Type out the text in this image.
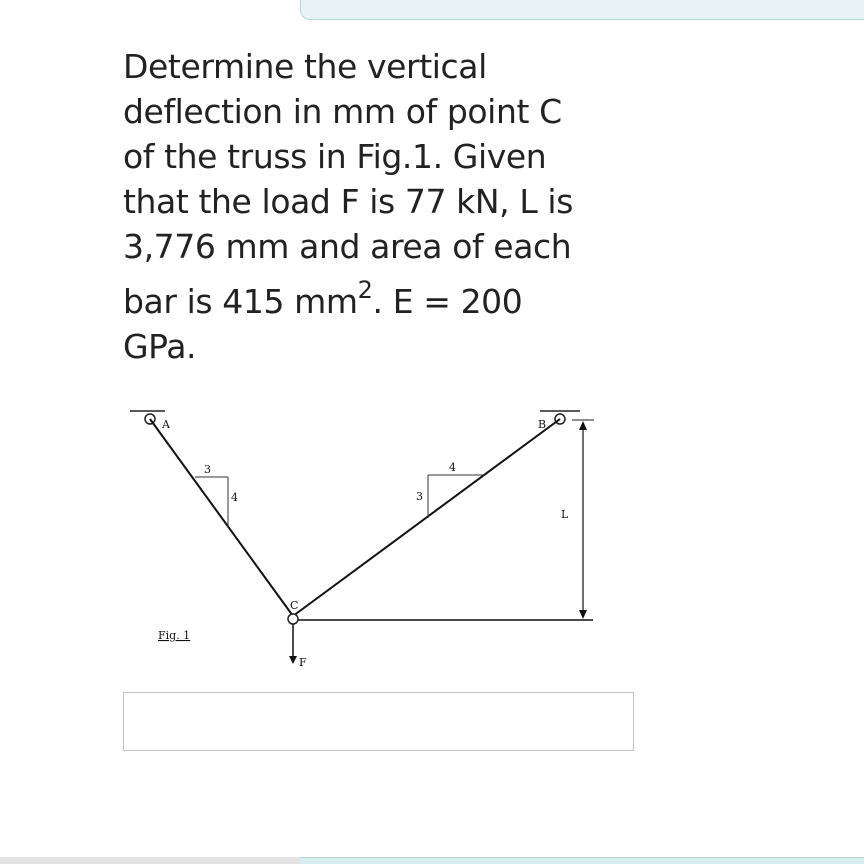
Determine the vertical
deflection in mm of point C
of the truss in Fig.1. Given
that the load F is 77 kN, L is
3,776 mm and area of each
bar is 415 $mm^2$. E = 200
GPa.
A	B
3
4
4
3
C
F
L
Fig. 1
